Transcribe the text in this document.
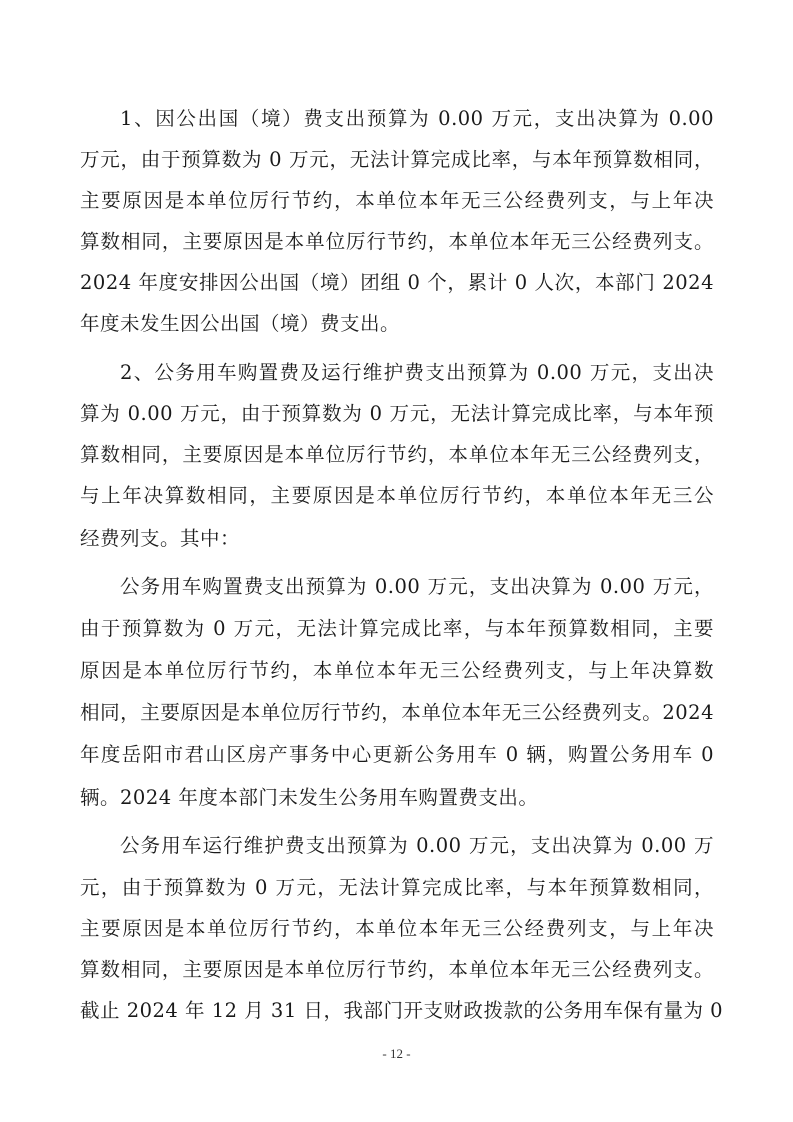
1、因公出国（境）费支出预算为 0.00 万元，支出决算为 0.00
万元，由于预算数为 0 万元，无法计算完成比率，与本年预算数相同，
主要原因是本单位厉行节约，本单位本年无三公经费列支，与上年决
算数相同，主要原因是本单位厉行节约，本单位本年无三公经费列支。
2024 年度安排因公出国（境）团组 0 个，累计 0 人次，本部门 2024
年度未发生因公出国（境）费支出。
2、公务用车购置费及运行维护费支出预算为 0.00 万元，支出决
算为 0.00 万元，由于预算数为 0 万元，无法计算完成比率，与本年预
算数相同，主要原因是本单位厉行节约，本单位本年无三公经费列支，
与上年决算数相同，主要原因是本单位厉行节约，本单位本年无三公
经费列支。其中：
公务用车购置费支出预算为 0.00 万元，支出决算为 0.00 万元，
由于预算数为 0 万元，无法计算完成比率，与本年预算数相同，主要
原因是本单位厉行节约，本单位本年无三公经费列支，与上年决算数
相同，主要原因是本单位厉行节约，本单位本年无三公经费列支。2024
年度岳阳市君山区房产事务中心更新公务用车 0 辆，购置公务用车 0
辆。2024 年度本部门未发生公务用车购置费支出。
公务用车运行维护费支出预算为 0.00 万元，支出决算为 0.00 万
元，由于预算数为 0 万元，无法计算完成比率，与本年预算数相同，
主要原因是本单位厉行节约，本单位本年无三公经费列支，与上年决
算数相同，主要原因是本单位厉行节约，本单位本年无三公经费列支。
截止 2024 年 12 月 31 日，我部门开支财政拨款的公务用车保有量为 0
- 12 -
